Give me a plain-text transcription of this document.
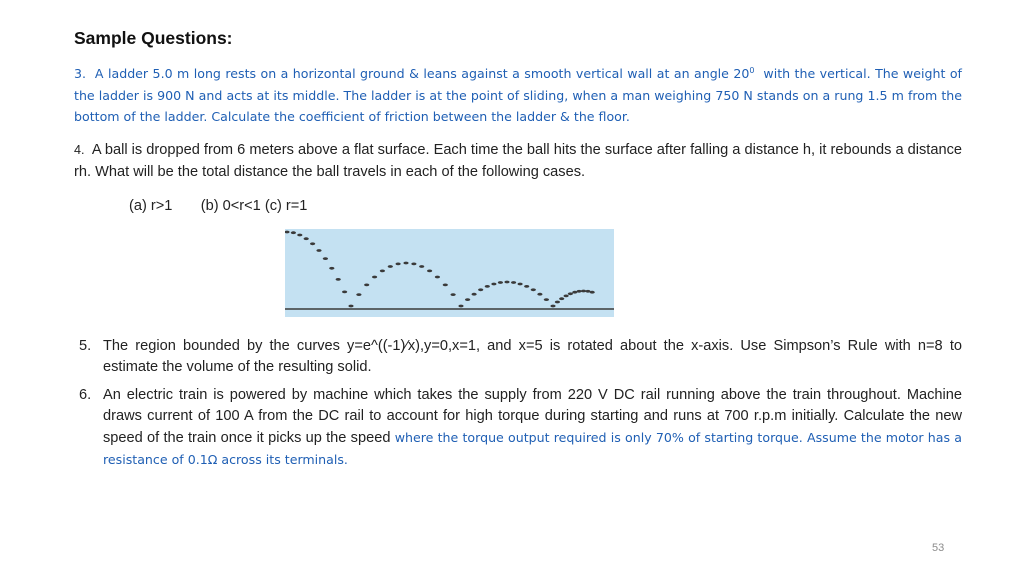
Sample Questions:
3. A ladder 5.0 m long rests on a horizontal ground & leans against a smooth vertical wall at an angle $20^0$ with the vertical. The weight of the ladder is 900 N and acts at its middle. The ladder is at the point of sliding, when a man weighing 750 N stands on a rung 1.5 m from the bottom of the ladder. Calculate the coefficient of friction between the ladder & the floor.
4. A ball is dropped from 6 meters above a flat surface. Each time the ball hits the surface after falling a distance h, it rebounds a distance rh. What will be the total distance the ball travels in each of the following cases.
(a) r>1       (b) 0<r<1 (c) r=1
5. The region bounded by the curves y=e^((-1)∕x),y=0,x=1, and x=5 is rotated about the x-axis. Use Simpson’s Rule with n=8 to estimate the volume of the resulting solid.
6. An electric train is powered by machine which takes the supply from 220 V DC rail running above the train throughout. Machine draws current of 100 A from the DC rail to account for high torque during starting and runs at 700 r.p.m initially. Calculate the new speed of the train once it picks up the speed where the torque output required is only 70% of starting torque. Assume the motor has a resistance of 0.1Ω across its terminals.
53
